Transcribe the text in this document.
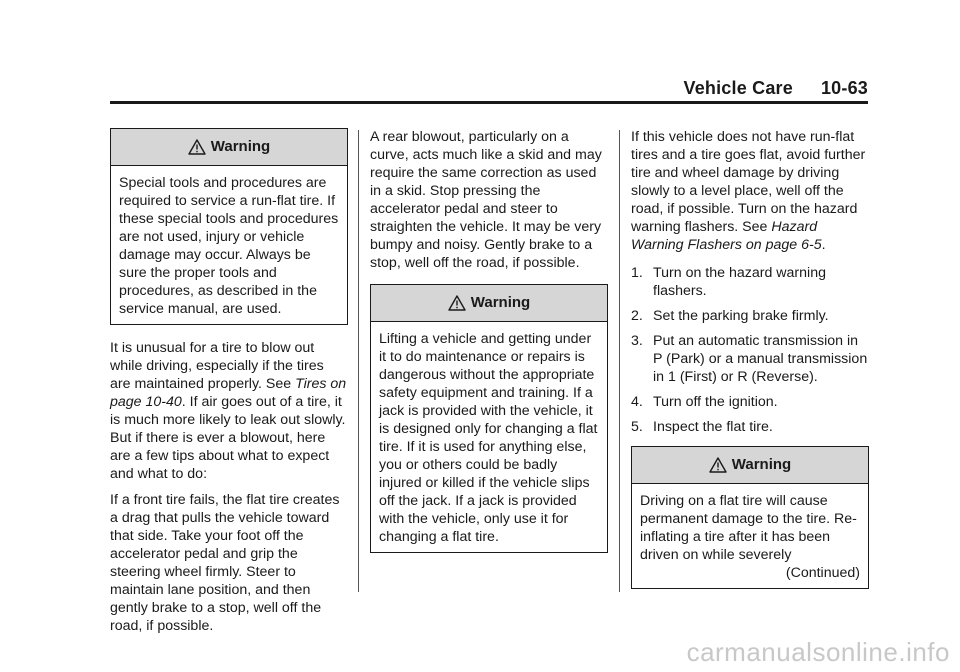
Vehicle Care 10-63
Warning
Special tools and procedures are required to service a run-flat tire. If these special tools and procedures are not used, injury or vehicle damage may occur. Always be sure the proper tools and procedures, as described in the service manual, are used.

It is unusual for a tire to blow out while driving, especially if the tires are maintained properly. See Tires on page 10-40. If air goes out of a tire, it is much more likely to leak out slowly. But if there is ever a blowout, here are a few tips about what to expect and what to do:

If a front tire fails, the flat tire creates a drag that pulls the vehicle toward that side. Take your foot off the accelerator pedal and grip the steering wheel firmly. Steer to maintain lane position, and then gently brake to a stop, well off the road, if possible.

A rear blowout, particularly on a curve, acts much like a skid and may require the same correction as used in a skid. Stop pressing the accelerator pedal and steer to straighten the vehicle. It may be very bumpy and noisy. Gently brake to a stop, well off the road, if possible.

Warning
Lifting a vehicle and getting under it to do maintenance or repairs is dangerous without the appropriate safety equipment and training. If a jack is provided with the vehicle, it is designed only for changing a flat tire. If it is used for anything else, you or others could be badly injured or killed if the vehicle slips off the jack. If a jack is provided with the vehicle, only use it for changing a flat tire.

If this vehicle does not have run-flat tires and a tire goes flat, avoid further tire and wheel damage by driving slowly to a level place, well off the road, if possible. Turn on the hazard warning flashers. See Hazard Warning Flashers on page 6-5.

1. Turn on the hazard warning flashers.
2. Set the parking brake firmly.
3. Put an automatic transmission in P (Park) or a manual transmission in 1 (First) or R (Reverse).
4. Turn off the ignition.
5. Inspect the flat tire.
Warning
Driving on a flat tire will cause permanent damage to the tire. Re-inflating a tire after it has been driven on while severely
(Continued)
carmanualsonline.info
